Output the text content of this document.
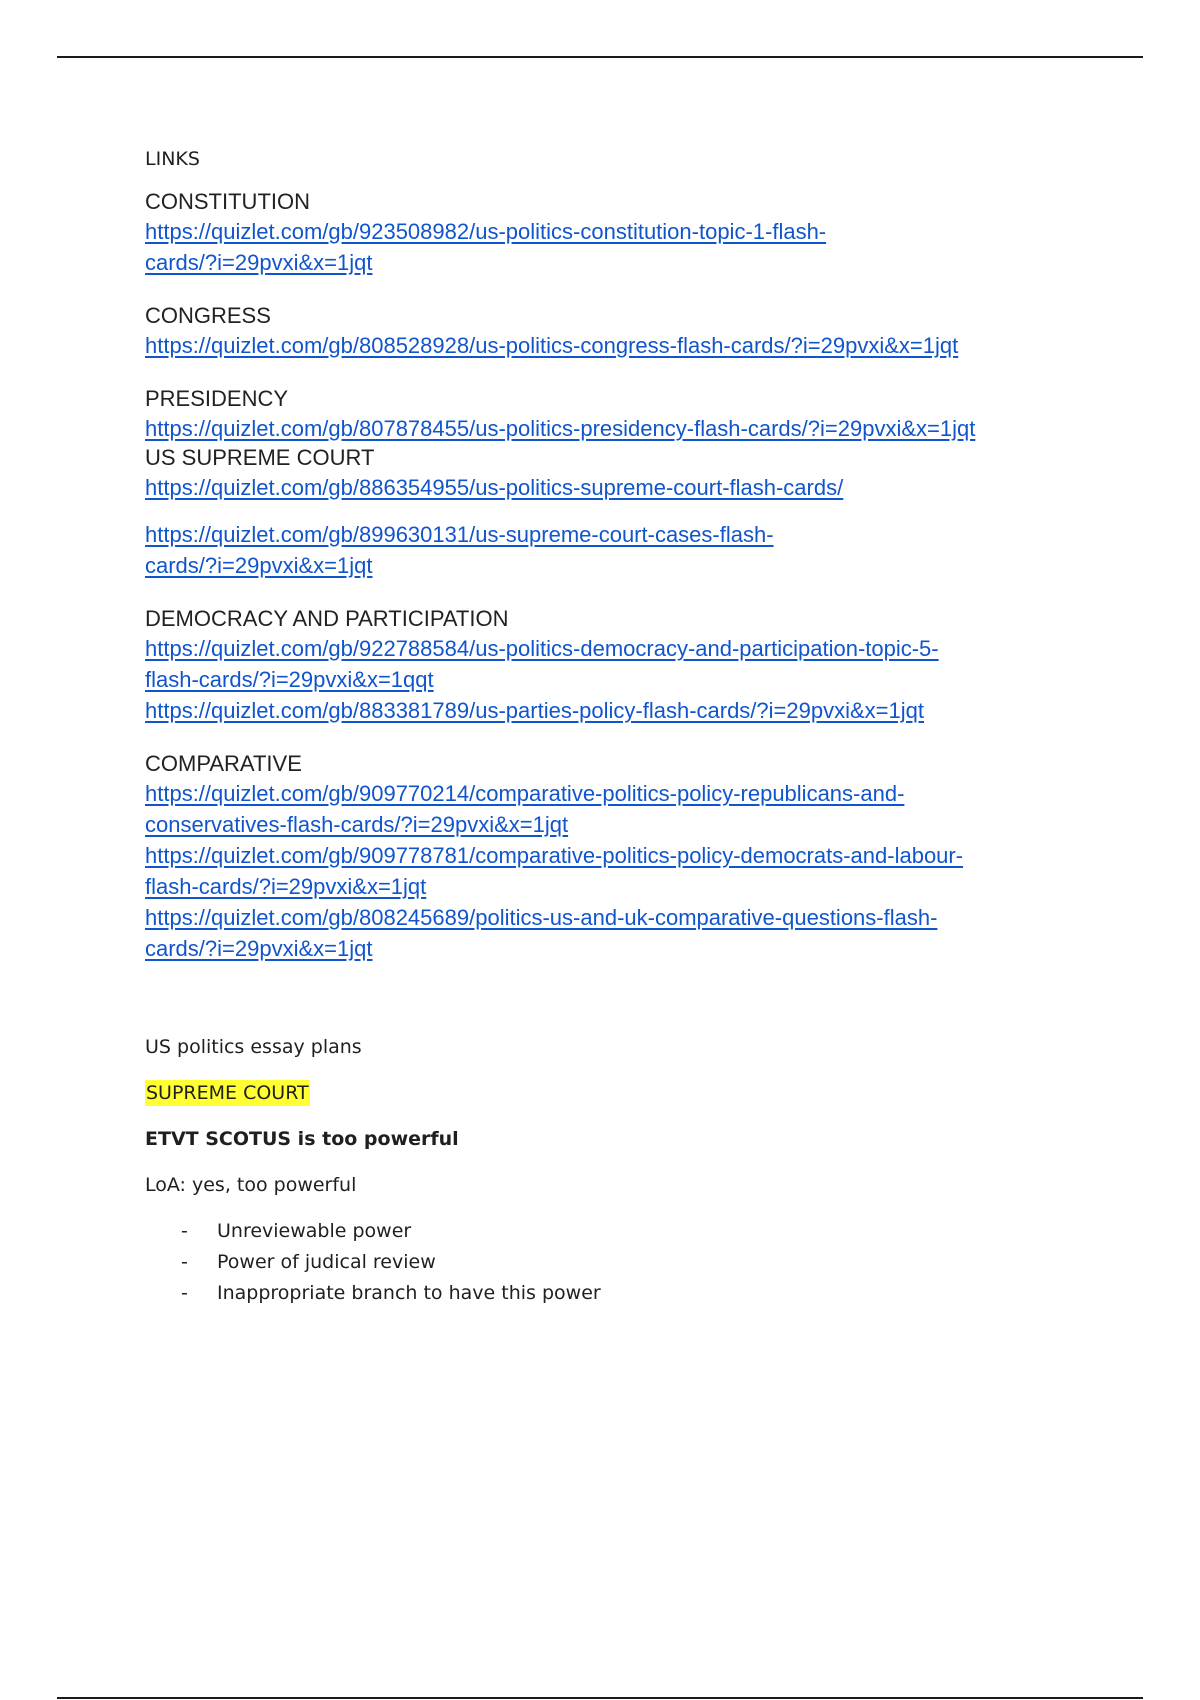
LINKS

CONSTITUTION

https://quizlet.com/gb/923508982/us-politics-constitution-topic-1-flash-
cards/?i=29pvxi&x=1jqt

CONGRESS

https://quizlet.com/gb/808528928/us-politics-congress-flash-cards/?i=29pvxi&x=1jqt

PRESIDENCY

https://quizlet.com/gb/807878455/us-politics-presidency-flash-cards/?i=29pvxi&x=1jqt

US SUPREME COURT

https://quizlet.com/gb/886354955/us-politics-supreme-court-flash-cards/
https://quizlet.com/gb/899630131/us-supreme-court-cases-flash-
cards/?i=29pvxi&x=1jqt

DEMOCRACY AND PARTICIPATION

https://quizlet.com/gb/922788584/us-politics-democracy-and-participation-topic-5-
flash-cards/?i=29pvxi&x=1qqt
https://quizlet.com/gb/883381789/us-parties-policy-flash-cards/?i=29pvxi&x=1jqt

COMPARATIVE

https://quizlet.com/gb/909770214/comparative-politics-policy-republicans-and-
conservatives-flash-cards/?i=29pvxi&x=1jqt
https://quizlet.com/gb/909778781/comparative-politics-policy-democrats-and-labour-
flash-cards/?i=29pvxi&x=1jqt
https://quizlet.com/gb/808245689/politics-us-and-uk-comparative-questions-flash-
cards/?i=29pvxi&x=1jqt

US politics essay plans

SUPREME COURT

ETVT SCOTUS is too powerful

LoA: yes, too powerful

- Unreviewable power
- Power of judical review
- Inappropriate branch to have this power
